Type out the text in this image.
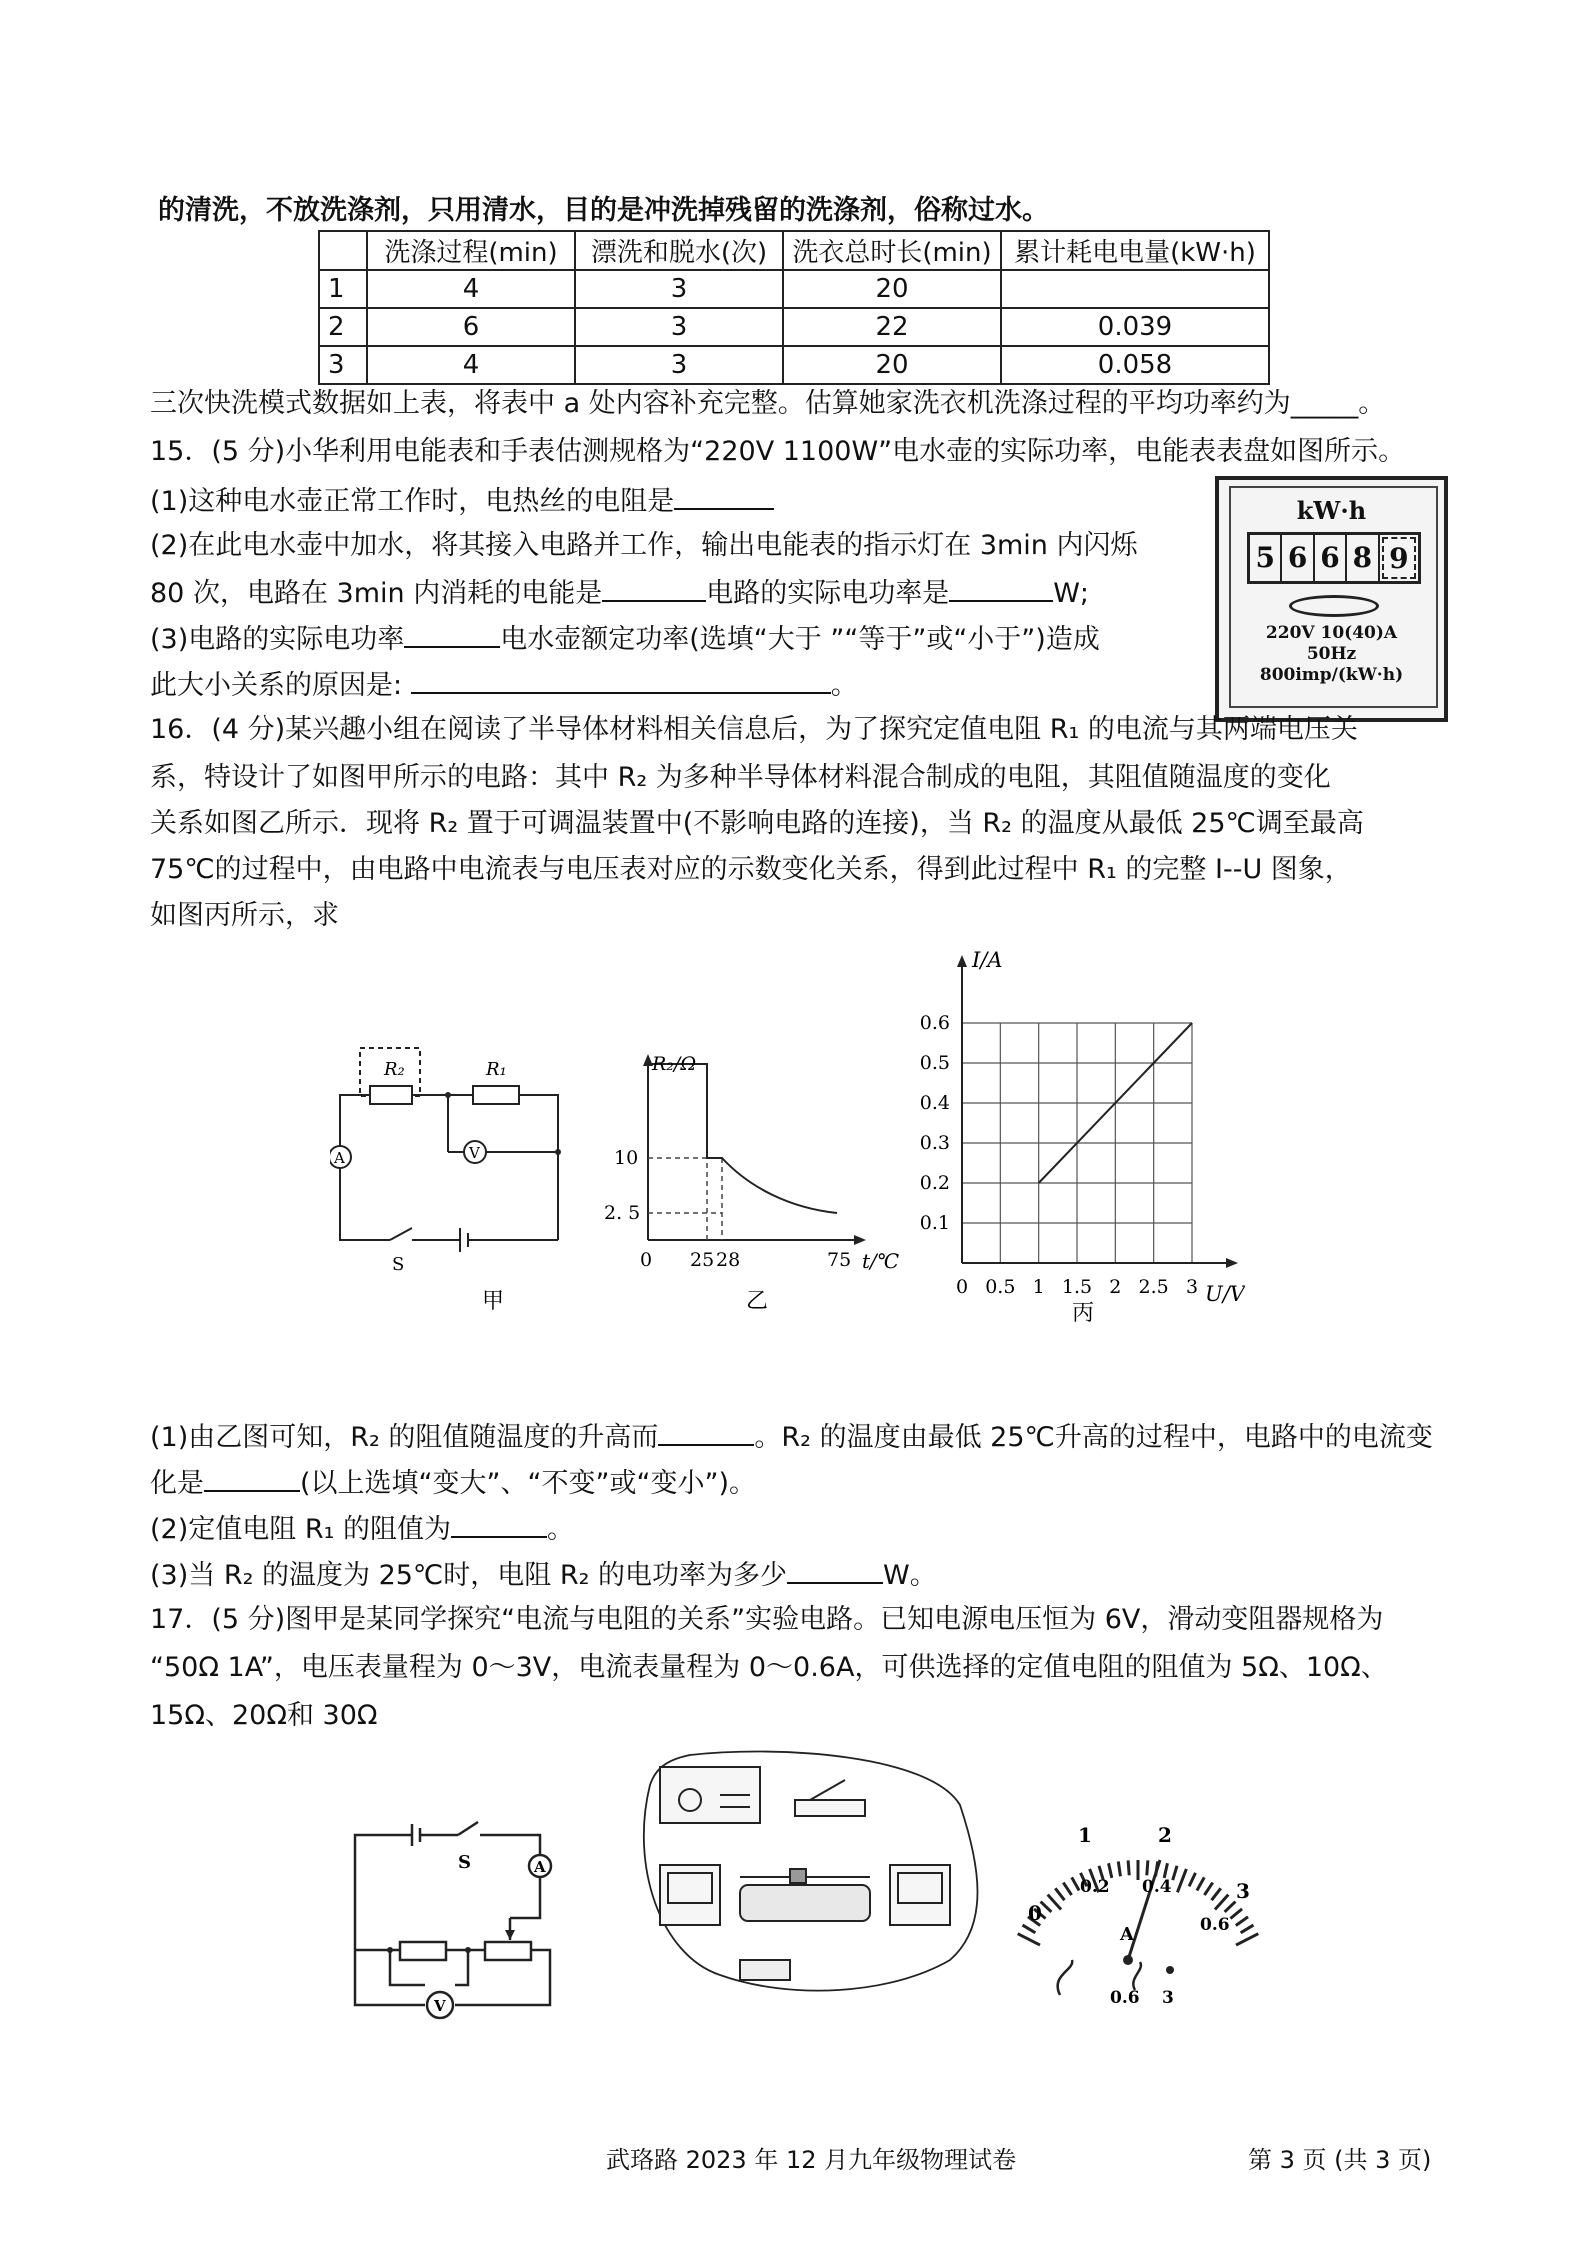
的清洗，不放洗涤剂，只用清水，目的是冲洗掉残留的洗涤剂，俗称过水。
	洗涤过程(min)	漂洗和脱水(次)	洗衣总时长(min)	累计耗电电量(kW·h)
1	4	3	20	
2	6	3	22	0.039
3	4	3	20	0.058
三次快洗模式数据如上表，将表中 a 处内容补充完整。估算她家洗衣机洗涤过程的平均功率约为_____。
15．(5 分)小华利用电能表和手表估测规格为“220V 1100W”电水壶的实际功率，电能表表盘如图所示。
(1)这种电水壶正常工作时，电热丝的电阻是
(2)在此电水壶中加水，将其接入电路并工作，输出电能表的指示灯在 3min 内闪烁
80 次，电路在 3min 内消耗的电能是	电路的实际电功率是	W;
(3)电路的实际电功率	电水壶额定功率(选填“大于 ”“等于”或“小于”)造成
此大小关系的原因是:	。
kW·h
5 6 6 8 9
220V 10(40)A
50Hz
800imp/(kW·h)
16．(4 分)某兴趣小组在阅读了半导体材料相关信息后，为了探究定值电阻 R₁ 的电流与其两端电压关
系，特设计了如图甲所示的电路：其中 R₂ 为多种半导体材料混合制成的电阻，其阻值随温度的变化
关系如图乙所示．现将 R₂ 置于可调温装置中(不影响电路的连接)，当 R₂ 的温度从最低 25℃调至最高
75℃的过程中，由电路中电流表与电压表对应的示数变化关系，得到此过程中 R₁ 的完整 I--U 图象，
如图丙所示，求
R₂	R₁
A	V
S
甲
R₂/Ω
10
2. 5
0 25 28	75 t/℃
乙
0 0.5 1 1.5 2 2.5 3
0.1
0.2
0.3
0.4
0.5
0.6
I/A
U/V
丙
(1)由乙图可知，R₂ 的阻值随温度的升高而	。R₂ 的温度由最低 25℃升高的过程中，电路中的电流变
化是	(以上选填“变大”、“不变”或“变小”)。
(2)定值电阻 R₁ 的阻值为	。
(3)当 R₂ 的温度为 25℃时，电阻 R₂ 的电功率为多少	W。
17．(5 分)图甲是某同学探究“电流与电阻的关系”实验电路。已知电源电压恒为 6V，滑动变阻器规格为
“50Ω 1A”，电压表量程为 0～3V，电流表量程为 0～0.6A，可供选择的定值电阻的阻值为 5Ω、10Ω、
15Ω、20Ω和 30Ω
S	A
V
0
1	2
3
0.2 0.4
0.6
A
0.6 3
武珞路 2023 年 12 月九年级物理试卷	第 3 页 (共 3 页)
